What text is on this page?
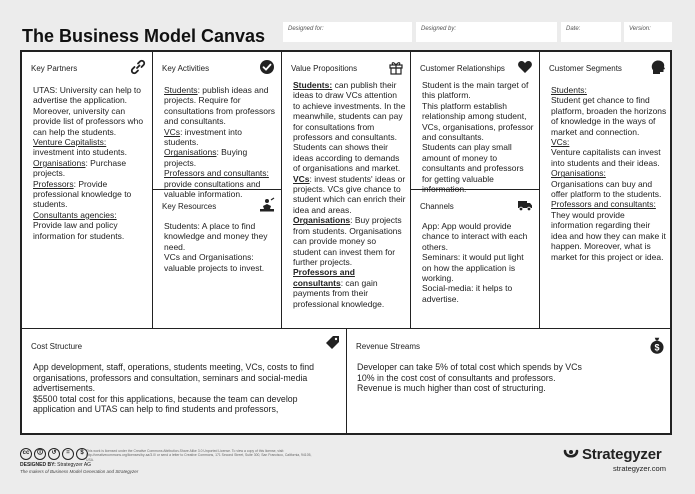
The Business Model Canvas	Designed for:	Designed by:	Date:	Version:
Key Partners

UTAS: University can help to advertise the application. Moreover, university can provide list of professors who can help the students.

Venture Capitalists:

investment into students.

Organisations: Purchase projects.

Professors: Provide professional knowledge to students.

Consultants agencies:

Provide law and policy information for students.

Key Activities

Students: publish ideas and projects. Require for consultations from professors and consultants.

VCs: investment into students.

Organisations: Buying projects.

Professors and consultants: provide consultations and valuable information.

Key Resources

Students: A place to find knowledge and money they need.

VCs and Organisations: valuable projects to invest.

Value Propositions

Students: can publish their ideas to draw VCs attention to achieve investments. In the meanwhile, students can pay for consultations from professors and consultants. Students can shows their ideas according to demands of organisations and market.

VCs: invest students' ideas or projects. VCs give chance to student which can enrich their idea and areas.

Organisations: Buy projects from students. Organisations can provide money so student can invest them for further projects.

Professors and consultants: can gain payments from their professional knowledge.

Customer Relationships

Student is the main target of this platform.

This platform establish relationship among student, VCs, organisations, professor and consultants.

Students can play small amount of money to consultants and professors for getting valuable information.

Channels

App: App would provide chance to interact with each others.

Seminars: it would put light on how the application is working.

Social-media: it helps to advertise.

Customer Segments

Students:

Student get chance to find platform, broaden the horizons of knowledge in the ways of market and connection.

VCs:

Venture capitalists can invest into students and their ideas.

Organisations:

Organisations can buy and offer platform to the students.

Professors and consultants:

They would provide information regarding their idea and how they can make it happen. Moreover, what is market for this project or idea.

Cost Structure

App development, staff, operations, students meeting, VCs, costs to find organisations, professors and consultation, seminars and social-media advertisements.

$5500 total cost for this applications, because the team can develop application and UTAS can help to find students and professors,

Revenue Streams	$

Developer can take 5% of total cost which spends by VCs

10% in the cost cost of consultants and professors.

Revenue is much higher than cost of structuring.

cc	🛈	↺	=	$ This work is licensed under the Creative Commons Attribution-Share Alike 3.0 Unported License. To view a copy of this license, visit: http://creativecommons.org/licenses/by-sa/3.0/ or send a letter to Creative Commons, 171 Second Street, Suite 300, San Francisco, California, 94105, USA.
DESIGNED BY: Strategyzer AG
The makers of Business Model Generation and Strategyzer
Strategyzer
strategyzer.com
